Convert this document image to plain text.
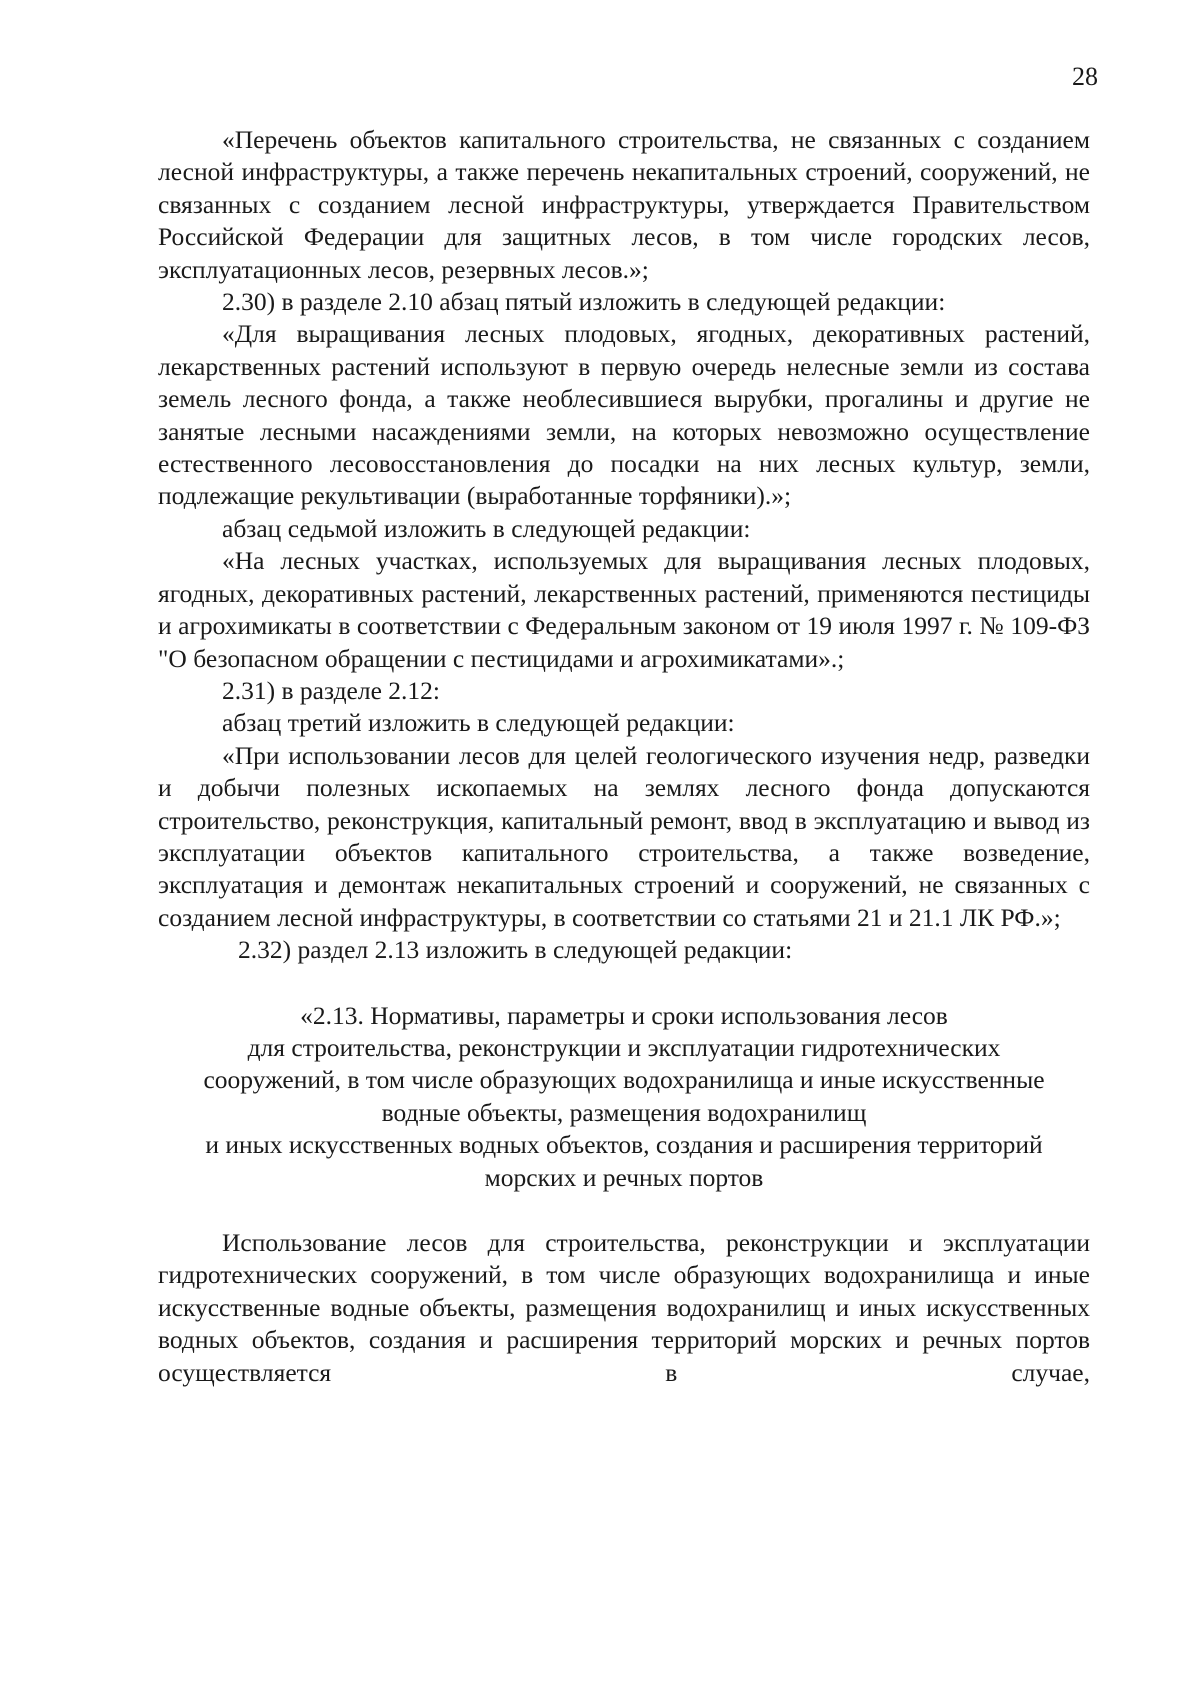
28

«Перечень объектов капитального строительства, не связанных с созданием лесной инфраструктуры, а также перечень некапитальных строений, сооружений, не связанных с созданием лесной инфраструктуры, утверждается Правительством Российской Федерации для защитных лесов, в том числе городских лесов, эксплуатационных лесов, резервных лесов.»;

2.30) в разделе 2.10 абзац пятый изложить в следующей редакции:

«Для выращивания лесных плодовых, ягодных, декоративных растений, лекарственных растений используют в первую очередь нелесные земли из состава земель лесного фонда, а также необлесившиеся вырубки, прогалины и другие не занятые лесными насаждениями земли, на которых невозможно осуществление естественного лесовосстановления до посадки на них лесных культур, земли, подлежащие рекультивации (выработанные торфяники).»;

абзац седьмой изложить в следующей редакции:

«На лесных участках, используемых для выращивания лесных плодовых, ягодных, декоративных растений, лекарственных растений, применяются пестициды и агрохимикаты в соответствии с Федеральным законом от 19 июля 1997 г. № 109-ФЗ "О безопасном обращении с пестицидами и агрохимикатами».;

2.31) в разделе 2.12:

абзац третий изложить в следующей редакции:

«При использовании лесов для целей геологического изучения недр, разведки и добычи полезных ископаемых на землях лесного фонда допускаются строительство, реконструкция, капитальный ремонт, ввод в эксплуатацию и вывод из эксплуатации объектов капитального строительства, а также возведение, эксплуатация и демонтаж некапитальных строений и сооружений, не связанных с созданием лесной инфраструктуры, в соответствии со статьями 21 и 21.1 ЛК РФ.»;

2.32) раздел 2.13 изложить в следующей редакции:

«2.13. Нормативы, параметры и сроки использования лесов
для строительства, реконструкции и эксплуатации гидротехнических
сооружений, в том числе образующих водохранилища и иные искусственные
водные объекты, размещения водохранилищ
и иных искусственных водных объектов, создания и расширения территорий
морских и речных портов

Использование лесов для строительства, реконструкции и эксплуатации гидротехнических сооружений, в том числе образующих водохранилища и иные искусственные водные объекты, размещения водохранилищ и иных искусственных водных объектов, создания и расширения территорий морских и речных портов осуществляется в случае,
